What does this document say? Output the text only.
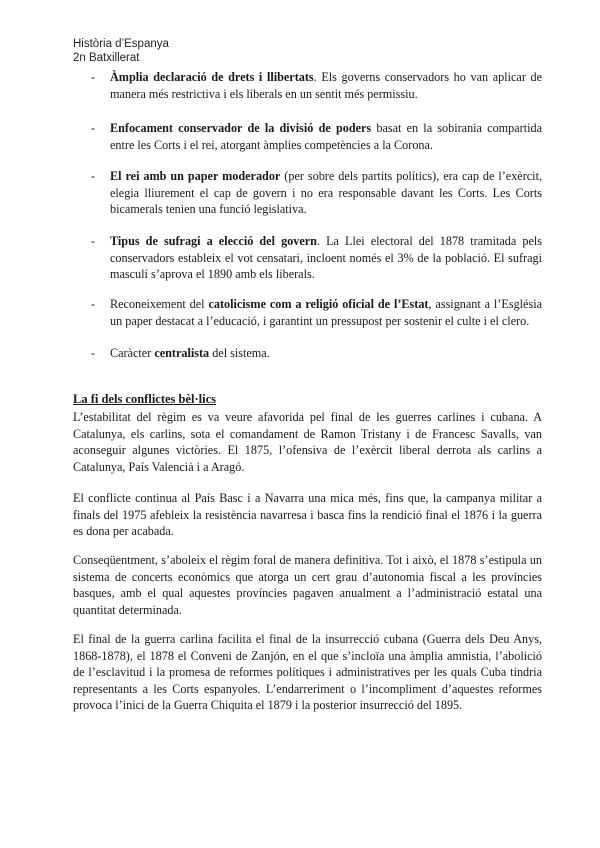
Història d’Espanya
2n Batxillerat
-	Àmplia declaració de drets i llibertats. Els governs conservadors ho van aplicar de manera més restrictiva i els liberals en un sentit més permissiu.
-	Enfocament conservador de la divisió de poders basat en la sobirania compartida entre les Corts i el rei, atorgant àmplies competències a la Corona.
-	El rei amb un paper moderador (per sobre dels partits polítics), era cap de l’exèrcit, elegia lliurement el cap de govern i no era responsable davant les Corts. Les Corts bicamerals tenien una funció legislativa.
-	Tipus de sufragi a elecció del govern. La Llei electoral del 1878 tramitada pels conservadors estableix el vot censatari, incloent només el 3% de la població. El sufragi masculí s’aprova el 1890 amb els liberals.
-	Reconeixement del catolicisme com a religió oficial de l’Estat, assignant a l’Església un paper destacat a l’educació, i garantint un pressupost per sostenir el culte i el clero.
-	Caràcter centralista del sistema.
La fi dels conflictes bèl·lics
L’estabilitat del règim es va veure afavorida pel final de les guerres carlines i cubana. A Catalunya, els carlins, sota el comandament de Ramon Tristany i de Francesc Savalls, van aconseguir algunes victòries. El 1875, l’ofensiva de l’exèrcit liberal derrota als carlins a Catalunya, País Valencià i a Aragó.
El conflicte continua al País Basc i a Navarra una mica més, fins que, la campanya militar a finals del 1975 afebleix la resistència navarresa i basca fins la rendició final el 1876 i la guerra es dona per acabada.
Conseqüentment, s’aboleix el règim foral de manera definitiva. Tot i això, el 1878 s’estipula un sistema de concerts econòmics que atorga un cert grau d’autonomia fiscal a les províncies basques, amb el qual aquestes províncies pagaven anualment a l’administració estatal una quantitat determinada.
El final de la guerra carlina facilita el final de la insurrecció cubana (Guerra dels Deu Anys, 1868-1878), el 1878 el Conveni de Zanjón, en el que s’incloïa una àmplia amnistia, l’abolició de l’esclavitud i la promesa de reformes polítiques i administratives per les quals Cuba tindria representants a les Corts espanyoles. L’endarreriment o l’incompliment d’aquestes reformes provoca l’inici de la Guerra Chiquita el 1879 i la posterior insurrecció del 1895.
